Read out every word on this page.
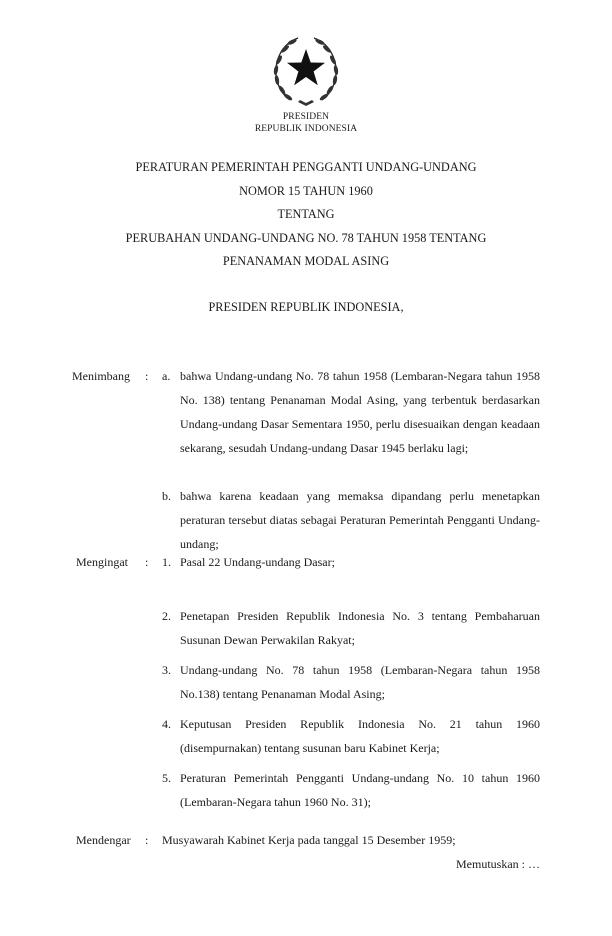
PRESIDEN
REPUBLIK INDONESIA
PERATURAN PEMERINTAH PENGGANTI UNDANG-UNDANG
NOMOR 15 TAHUN 1960
TENTANG
PERUBAHAN UNDANG-UNDANG NO. 78 TAHUN 1958 TENTANG
PENANAMAN MODAL ASING
PRESIDEN REPUBLIK INDONESIA,
Menimbang : a. bahwa Undang-undang No. 78 tahun 1958 (Lembaran-Negara tahun 1958 No. 138) tentang Penanaman Modal Asing, yang terbentuk berdasarkan Undang-undang Dasar Sementara 1950, perlu disesuaikan dengan keadaan sekarang, sesudah Undang-undang Dasar 1945 berlaku lagi;
b. bahwa karena keadaan yang memaksa dipandang perlu menetapkan peraturan tersebut diatas sebagai Peraturan Pemerintah Pengganti Undang-undang;
Mengingat : 1. Pasal 22 Undang-undang Dasar;
2. Penetapan Presiden Republik Indonesia No. 3 tentang Pembaharuan Susunan Dewan Perwakilan Rakyat;
3. Undang-undang No. 78 tahun 1958 (Lembaran-Negara tahun 1958 No.138) tentang Penanaman Modal Asing;
4. Keputusan Presiden Republik Indonesia No. 21 tahun 1960 (disempurnakan) tentang susunan baru Kabinet Kerja;
5. Peraturan Pemerintah Pengganti Undang-undang No. 10 tahun 1960 (Lembaran-Negara tahun 1960 No. 31);
Mendengar : Musyawarah Kabinet Kerja pada tanggal 15 Desember 1959;
Memutuskan : …
